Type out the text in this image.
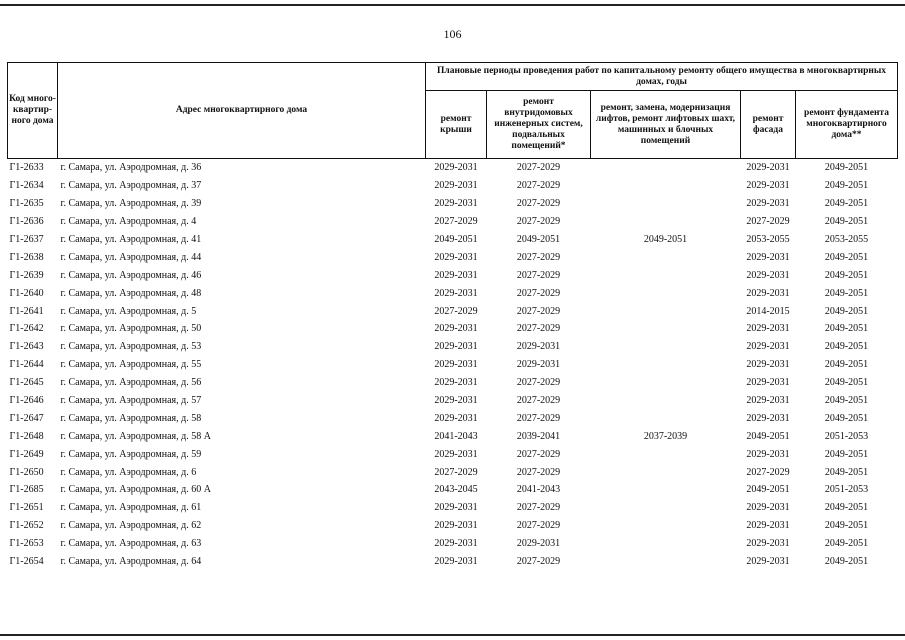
106
Код много-квартир-ного дома	Адрес многоквартирного дома	Плановые периоды проведения работ по капитальному ремонту общего имущества в многоквартирных домах, годы				
		ремонт крыши	ремонт внутридомовых инженерных систем, подвальных помещений*	ремонт, замена, модернизация лифтов, ремонт лифтовых шахт, машинных и блочных помещений	ремонт фасада	ремонт фундамента многоквартирного дома**
Г1-2633	г. Самара, ул. Аэродромная, д. 36	2029-2031	2027-2029		2029-2031	2049-2051
Г1-2634	г. Самара, ул. Аэродромная, д. 37	2029-2031	2027-2029		2029-2031	2049-2051
Г1-2635	г. Самара, ул. Аэродромная, д. 39	2029-2031	2027-2029		2029-2031	2049-2051
Г1-2636	г. Самара, ул. Аэродромная, д. 4	2027-2029	2027-2029		2027-2029	2049-2051
Г1-2637	г. Самара, ул. Аэродромная, д. 41	2049-2051	2049-2051	2049-2051	2053-2055	2053-2055
Г1-2638	г. Самара, ул. Аэродромная, д. 44	2029-2031	2027-2029		2029-2031	2049-2051
Г1-2639	г. Самара, ул. Аэродромная, д. 46	2029-2031	2027-2029		2029-2031	2049-2051
Г1-2640	г. Самара, ул. Аэродромная, д. 48	2029-2031	2027-2029		2029-2031	2049-2051
Г1-2641	г. Самара, ул. Аэродромная, д. 5	2027-2029	2027-2029		2014-2015	2049-2051
Г1-2642	г. Самара, ул. Аэродромная, д. 50	2029-2031	2027-2029		2029-2031	2049-2051
Г1-2643	г. Самара, ул. Аэродромная, д. 53	2029-2031	2029-2031		2029-2031	2049-2051
Г1-2644	г. Самара, ул. Аэродромная, д. 55	2029-2031	2029-2031		2029-2031	2049-2051
Г1-2645	г. Самара, ул. Аэродромная, д. 56	2029-2031	2027-2029		2029-2031	2049-2051
Г1-2646	г. Самара, ул. Аэродромная, д. 57	2029-2031	2027-2029		2029-2031	2049-2051
Г1-2647	г. Самара, ул. Аэродромная, д. 58	2029-2031	2027-2029		2029-2031	2049-2051
Г1-2648	г. Самара, ул. Аэродромная, д. 58 А	2041-2043	2039-2041	2037-2039	2049-2051	2051-2053
Г1-2649	г. Самара, ул. Аэродромная, д. 59	2029-2031	2027-2029		2029-2031	2049-2051
Г1-2650	г. Самара, ул. Аэродромная, д. 6	2027-2029	2027-2029		2027-2029	2049-2051
Г1-2685	г. Самара, ул. Аэродромная, д. 60 А	2043-2045	2041-2043		2049-2051	2051-2053
Г1-2651	г. Самара, ул. Аэродромная, д. 61	2029-2031	2027-2029		2029-2031	2049-2051
Г1-2652	г. Самара, ул. Аэродромная, д. 62	2029-2031	2027-2029		2029-2031	2049-2051
Г1-2653	г. Самара, ул. Аэродромная, д. 63	2029-2031	2029-2031		2029-2031	2049-2051
Г1-2654	г. Самара, ул. Аэродромная, д. 64	2029-2031	2027-2029		2029-2031	2049-2051
